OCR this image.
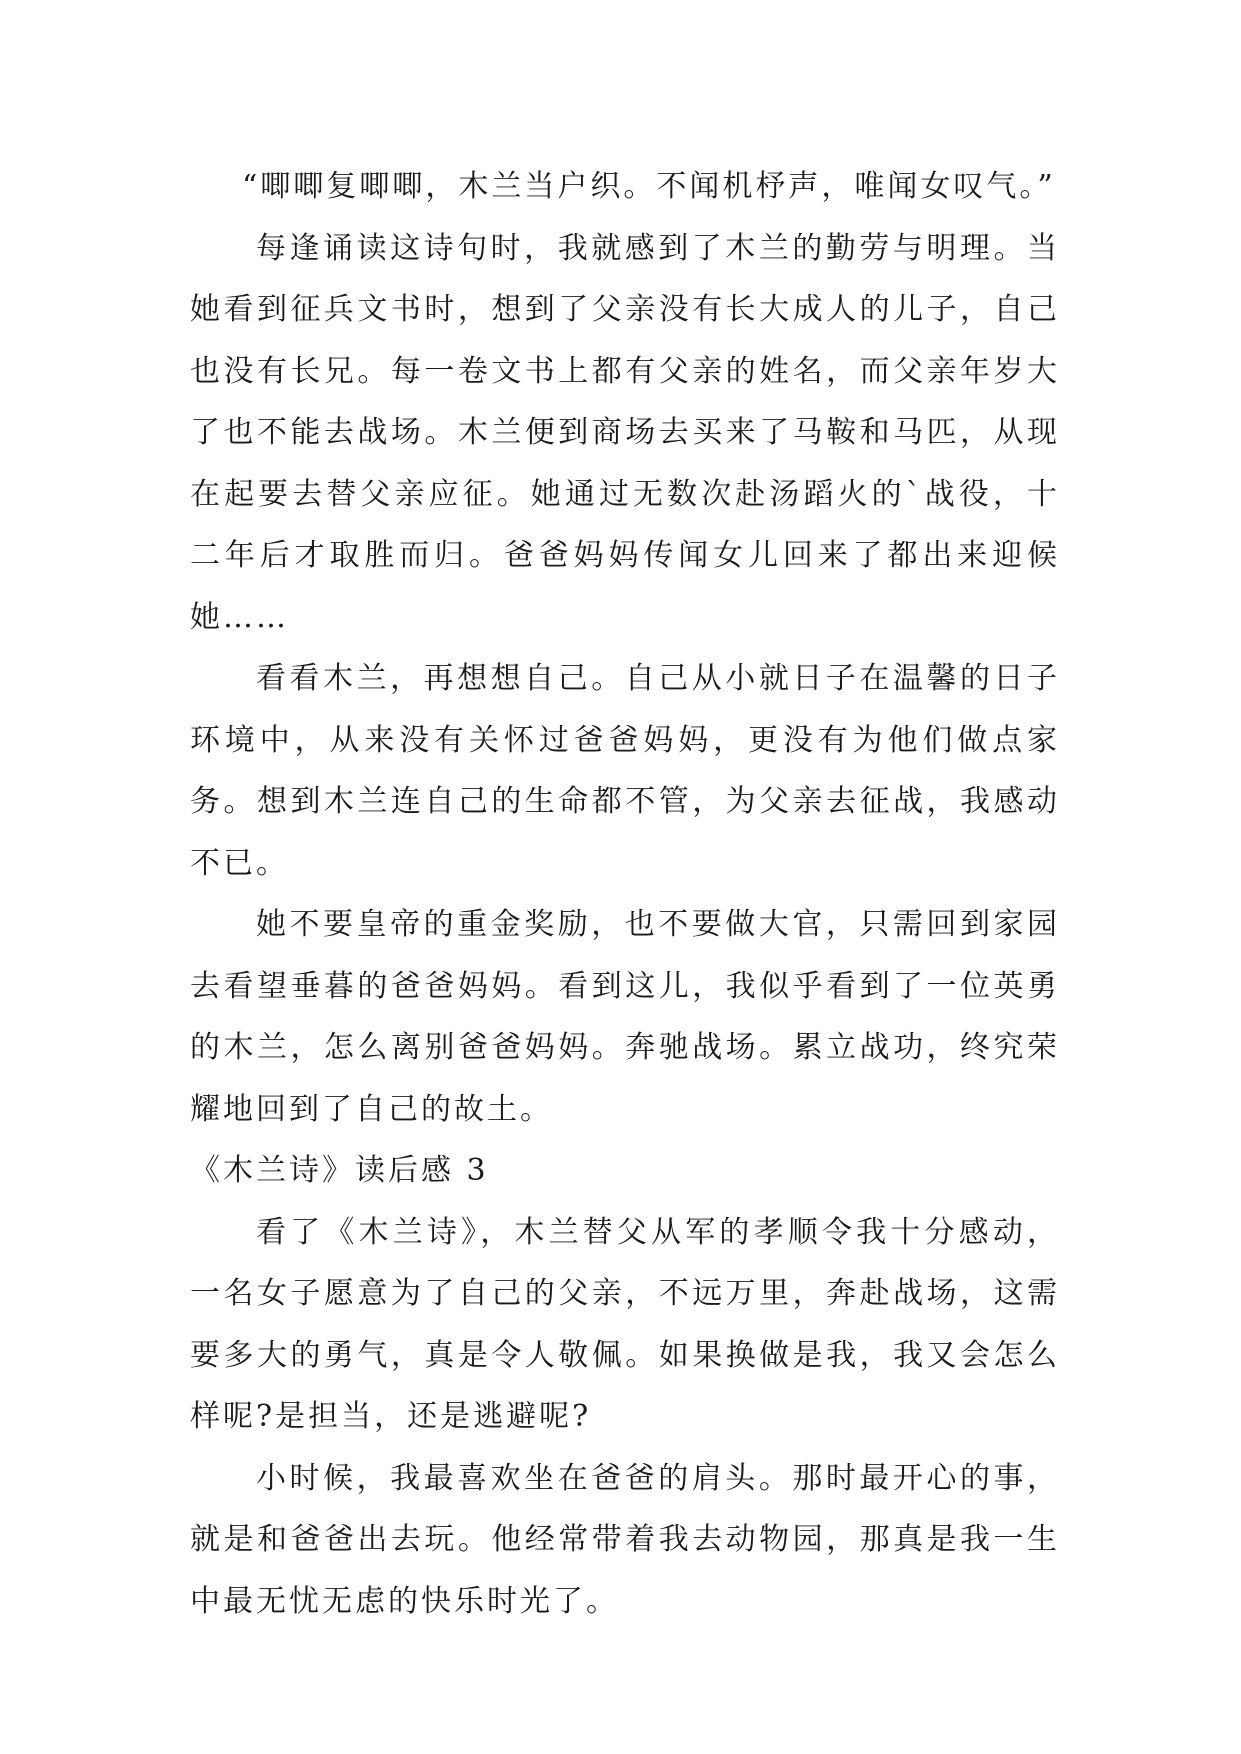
“唧唧复唧唧，木兰当户织。不闻机杼声，唯闻女叹气。”

每逢诵读这诗句时，我就感到了木兰的勤劳与明理。当她看到征兵文书时，想到了父亲没有长大成人的儿子，自己也没有长兄。每一卷文书上都有父亲的姓名，而父亲年岁大了也不能去战场。木兰便到商场去买来了马鞍和马匹，从现在起要去替父亲应征。她通过无数次赴汤蹈火的`战役，十二年后才取胜而归。爸爸妈妈传闻女儿回来了都出来迎候她……

看看木兰，再想想自己。自己从小就日子在温馨的日子环境中，从来没有关怀过爸爸妈妈，更没有为他们做点家务。想到木兰连自己的生命都不管，为父亲去征战，我感动不已。

她不要皇帝的重金奖励，也不要做大官，只需回到家园去看望垂暮的爸爸妈妈。看到这儿，我似乎看到了一位英勇的木兰，怎么离别爸爸妈妈。奔驰战场。累立战功，终究荣耀地回到了自己的故土。

《木兰诗》读后感 3

看了《木兰诗》，木兰替父从军的孝顺令我十分感动，一名女子愿意为了自己的父亲，不远万里，奔赴战场，这需要多大的勇气，真是令人敬佩。如果换做是我，我又会怎么样呢?是担当，还是逃避呢?

小时候，我最喜欢坐在爸爸的肩头。那时最开心的事，就是和爸爸出去玩。他经常带着我去动物园，那真是我一生中最无忧无虑的快乐时光了。
